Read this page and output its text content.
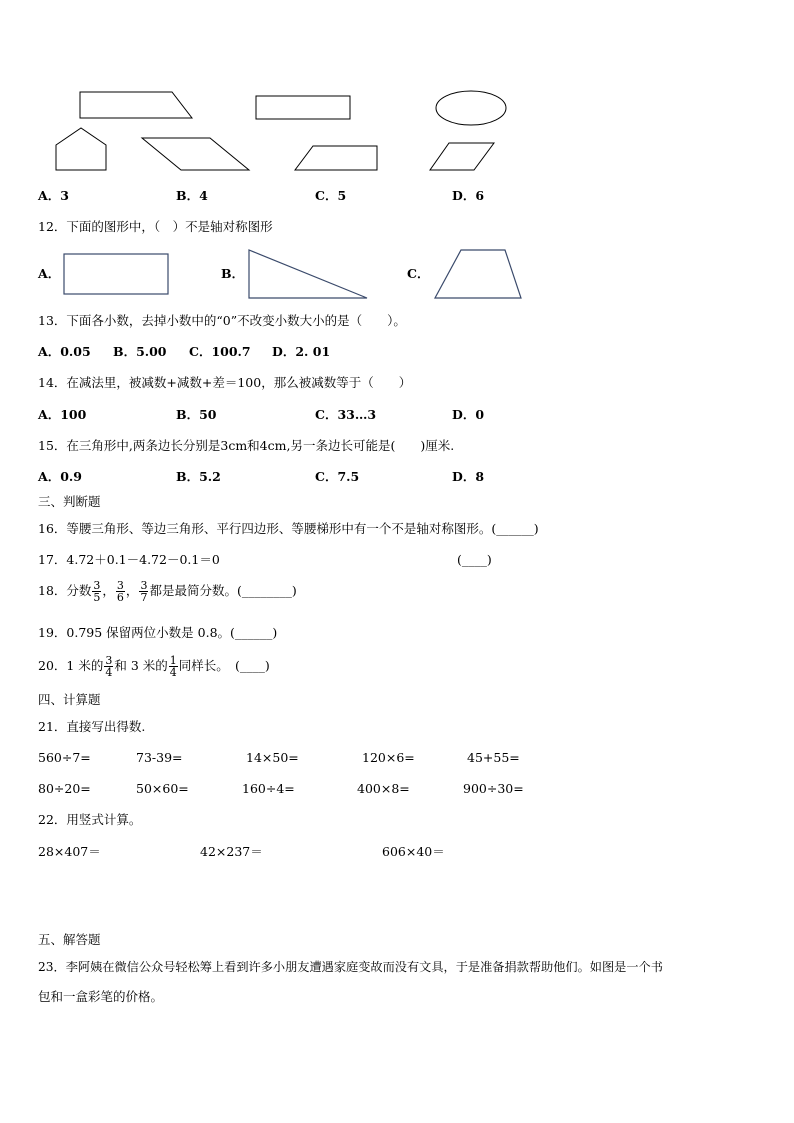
A．3	B．4	C．5	D．6
12．下面的图形中，（　）不是轴对称图形
A．	B．	C．
13．下面各小数，去掉小数中的“0”不改变小数大小的是（　　）。
A．0.05 B．5.00 C．100.7 D．2. 01
14．在减法里，被减数+减数+差＝100，那么被减数等于（　　）
A．100	B．50	C．33…3	D．0
15．在三角形中,两条边长分别是3cm和4cm,另一条边长可能是(　　)厘米.
A．0.9	B．5.2	C．7.5	D．8
三、判断题
16．等腰三角形、等边三角形、平行四边形、等腰梯形中有一个不是轴对称图形。(______)
17．4.72＋0.1－4.72－0.1＝0	(____)
18．分数 $\frac{3}{5}$ ， $\frac{3}{6}$ ， $\frac{3}{7}$ 都是最简分数。(________)
19．0.795 保留两位小数是 0.8。(______)
20．1 米的 $\frac{3}{4}$ 和 3 米的 $\frac{1}{4}$ 同样长。　(____)
四、计算题
21．直接写出得数.
560÷7=	73-39=	14×50=	120×6=	45+55=
80÷20=	50×60=	160÷4=	400×8=	900÷30=
22．用竖式计算。
28×407＝	42×237＝	606×40＝
五、解答题
23．李阿姨在微信公众号轻松筹上看到许多小朋友遭遇家庭变故而没有文具，于是准备捐款帮助他们。如图是一个书
包和一盒彩笔的价格。
